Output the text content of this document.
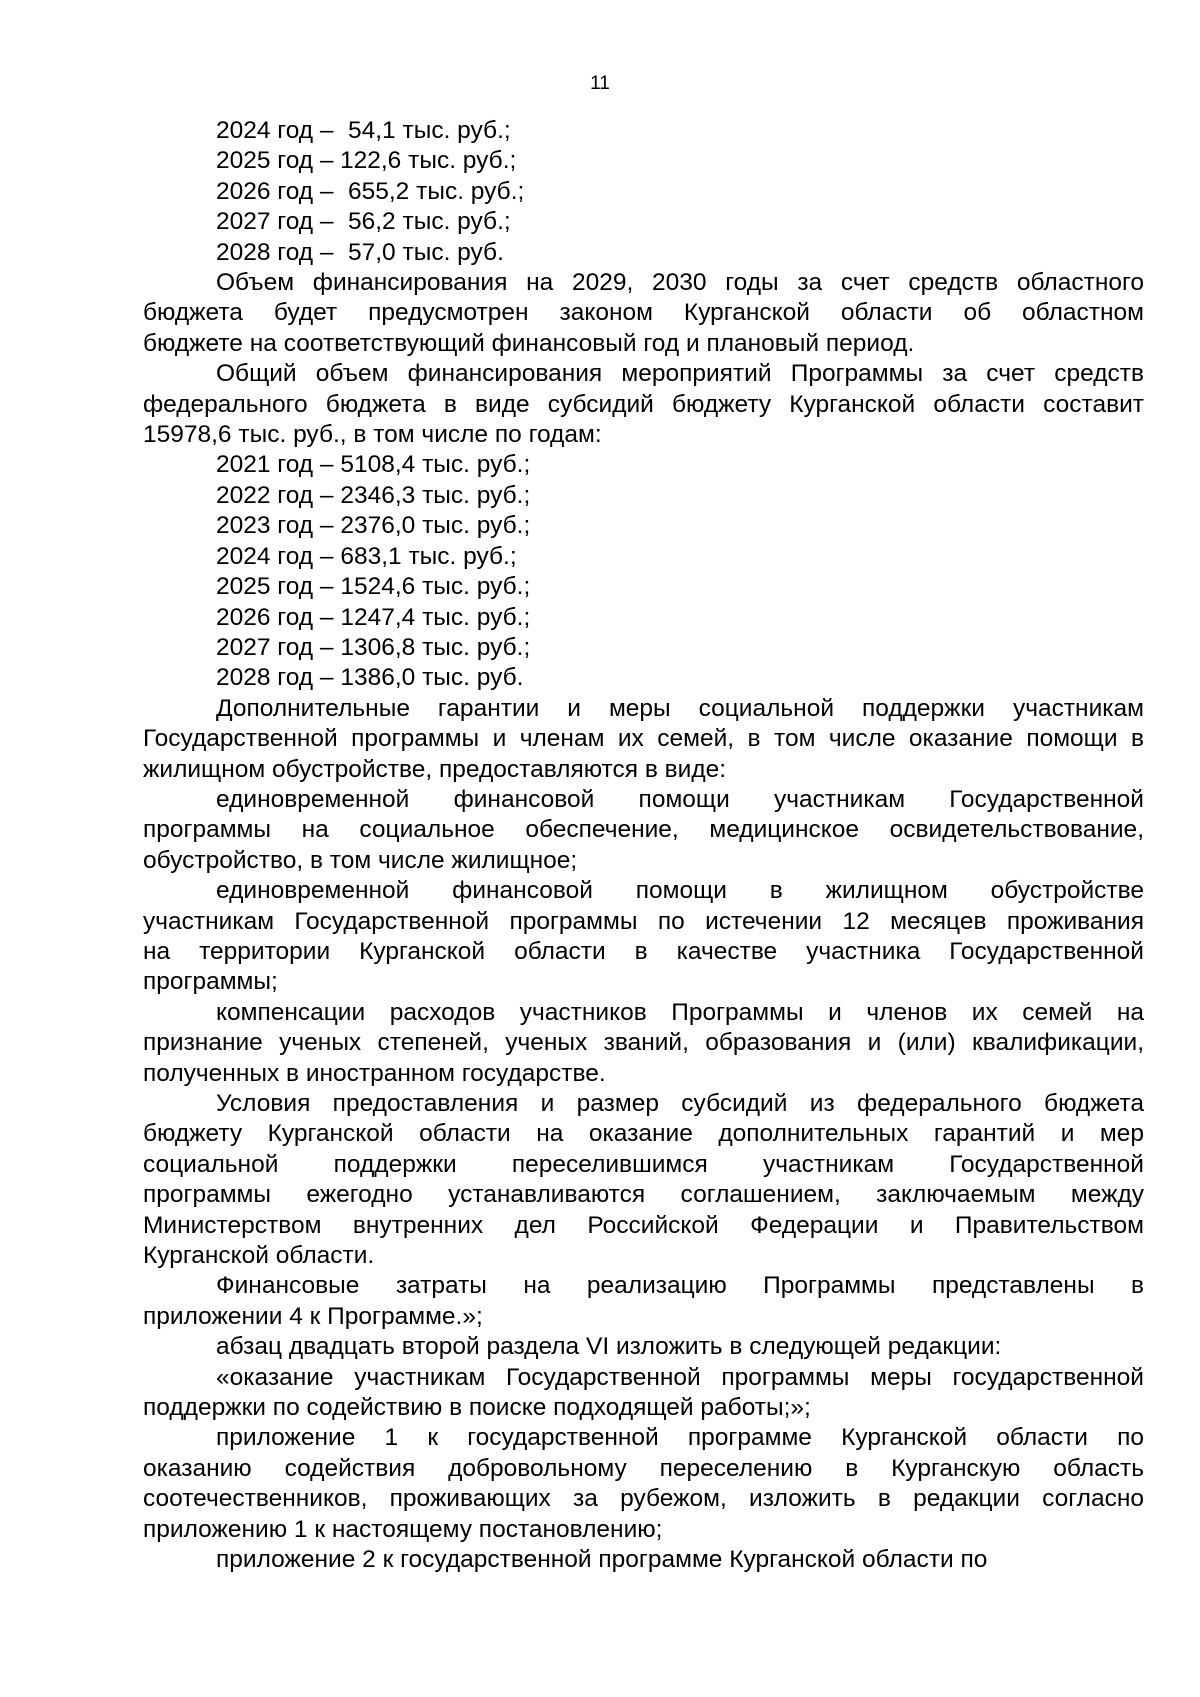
11
2024 год – 54,1 тыс. руб.;
2025 год – 122,6 тыс. руб.;
2026 год – 655,2 тыс. руб.;
2027 год – 56,2 тыс. руб.;
2028 год – 57,0 тыс. руб.
Объем финансирования на 2029, 2030 годы за счет средств областного
бюджета будет предусмотрен законом Курганской области об областном
бюджете на соответствующий финансовый год и плановый период.
Общий объем финансирования мероприятий Программы за счет средств
федерального бюджета в виде субсидий бюджету Курганской области составит
15978,6 тыс. руб., в том числе по годам:
2021 год – 5108,4 тыс. руб.;
2022 год – 2346,3 тыс. руб.;
2023 год – 2376,0 тыс. руб.;
2024 год – 683,1 тыс. руб.;
2025 год – 1524,6 тыс. руб.;
2026 год – 1247,4 тыс. руб.;
2027 год – 1306,8 тыс. руб.;
2028 год – 1386,0 тыс. руб.
Дополнительные гарантии и меры социальной поддержки участникам
Государственной программы и членам их семей, в том числе оказание помощи в
жилищном обустройстве, предоставляются в виде:
единовременной финансовой помощи участникам Государственной
программы на социальное обеспечение, медицинское освидетельствование,
обустройство, в том числе жилищное;
единовременной финансовой помощи в жилищном обустройстве
участникам Государственной программы по истечении 12 месяцев проживания
на территории Курганской области в качестве участника Государственной
программы;
компенсации расходов участников Программы и членов их семей на
признание ученых степеней, ученых званий, образования и (или) квалификации,
полученных в иностранном государстве.
Условия предоставления и размер субсидий из федерального бюджета
бюджету Курганской области на оказание дополнительных гарантий и мер
социальной поддержки переселившимся участникам Государственной
программы ежегодно устанавливаются соглашением, заключаемым между
Министерством внутренних дел Российской Федерации и Правительством
Курганской области.
Финансовые затраты на реализацию Программы представлены в
приложении 4 к Программе.»;
абзац двадцать второй раздела VI изложить в следующей редакции:
«оказание участникам Государственной программы меры государственной
поддержки по содействию в поиске подходящей работы;»;
приложение 1 к государственной программе Курганской области по
оказанию содействия добровольному переселению в Курганскую область
соотечественников, проживающих за рубежом, изложить в редакции согласно
приложению 1 к настоящему постановлению;
приложение 2 к государственной программе Курганской области по
